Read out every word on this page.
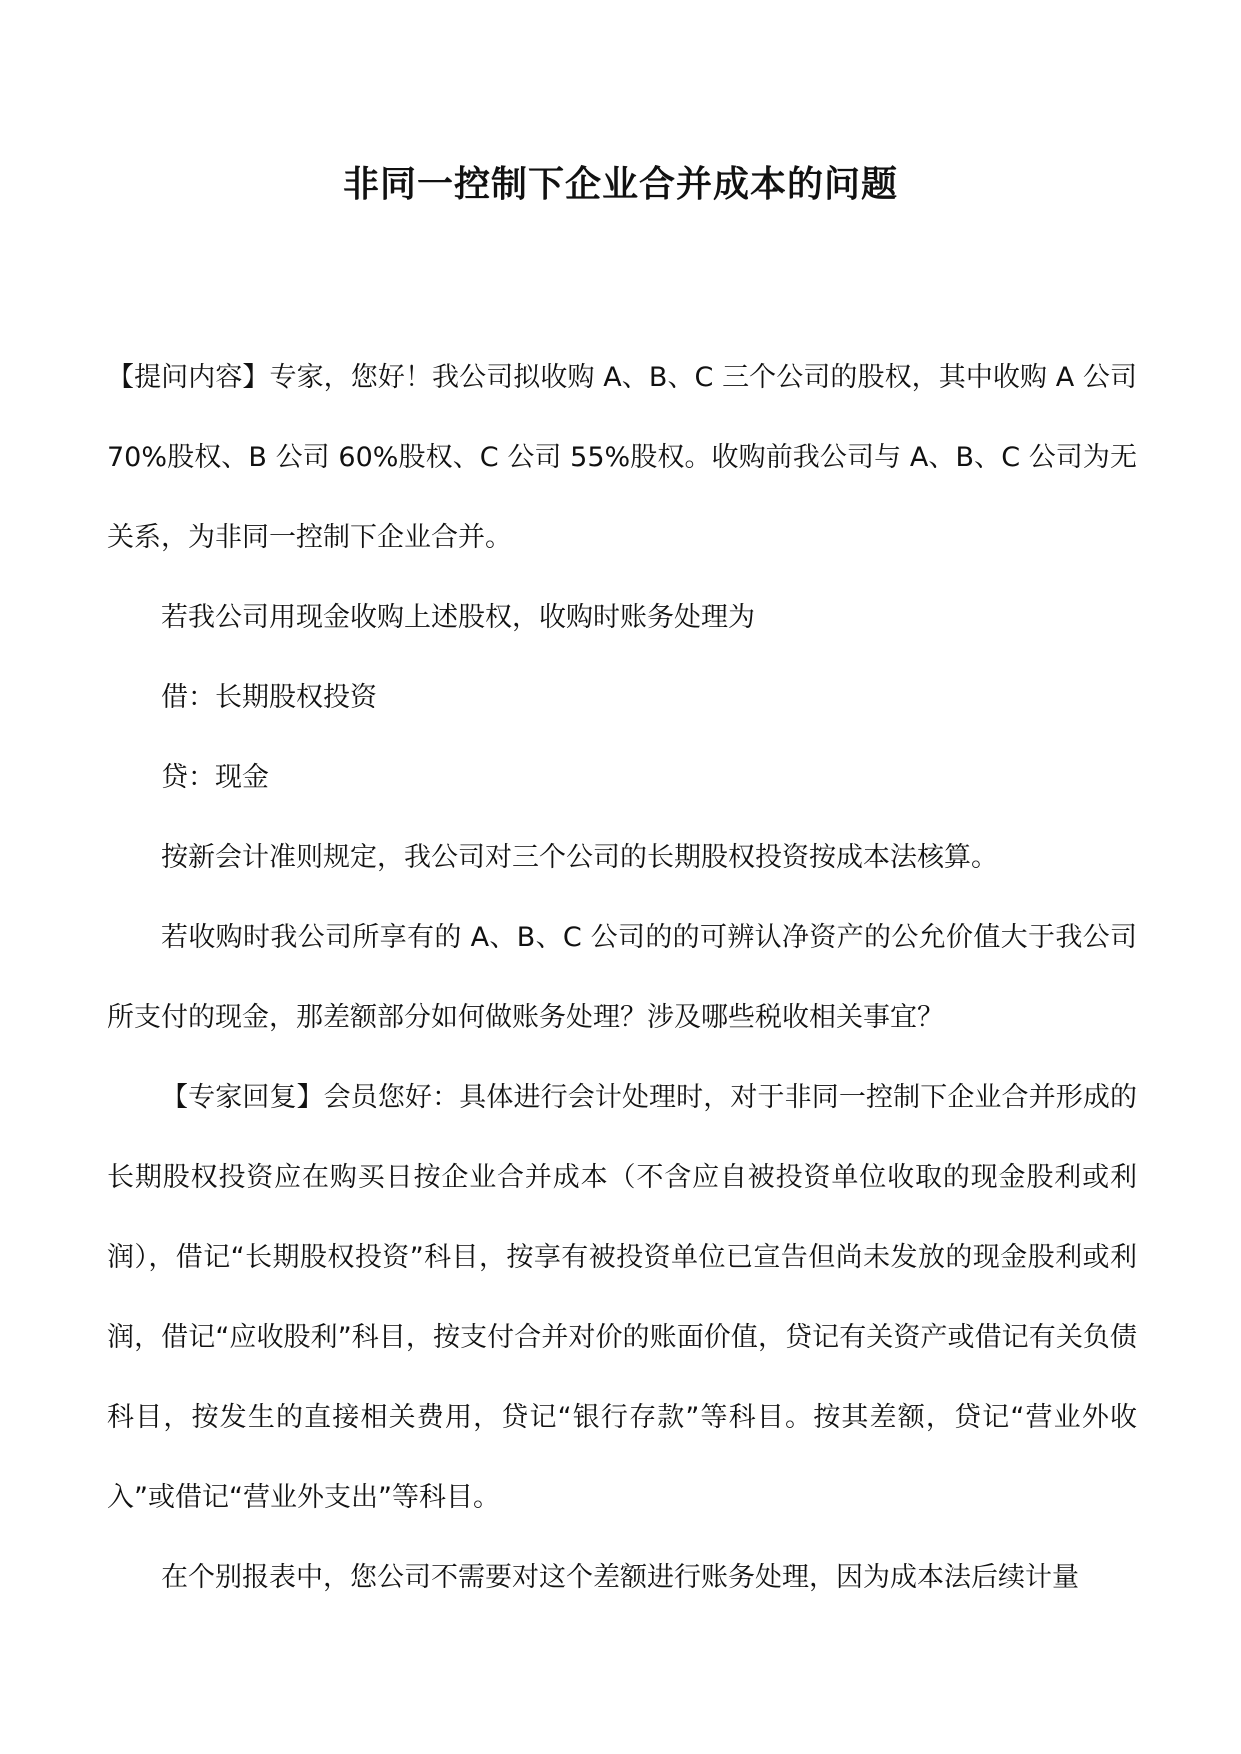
非同一控制下企业合并成本的问题

【提问内容】专家，您好！我公司拟收购 A、B、C 三个公司的股权，其中收购 A 公司 70%股权、B 公司 60%股权、C 公司 55%股权。收购前我公司与 A、B、C 公司为无关系，为非同一控制下企业合并。

若我公司用现金收购上述股权，收购时账务处理为

借：长期股权投资

贷：现金

按新会计准则规定，我公司对三个公司的长期股权投资按成本法核算。

若收购时我公司所享有的 A、B、C 公司的的可辨认净资产的公允价值大于我公司所支付的现金，那差额部分如何做账务处理？涉及哪些税收相关事宜？

【专家回复】会员您好：具体进行会计处理时，对于非同一控制下企业合并形成的长期股权投资应在购买日按企业合并成本（不含应自被投资单位收取的现金股利或利润），借记“长期股权投资”科目，按享有被投资单位已宣告但尚未发放的现金股利或利润，借记“应收股利”科目，按支付合并对价的账面价值，贷记有关资产或借记有关负债科目，按发生的直接相关费用，贷记“银行存款”等科目。按其差额，贷记“营业外收入”或借记“营业外支出”等科目。

在个别报表中，您公司不需要对这个差额进行账务处理，因为成本法后续计量
